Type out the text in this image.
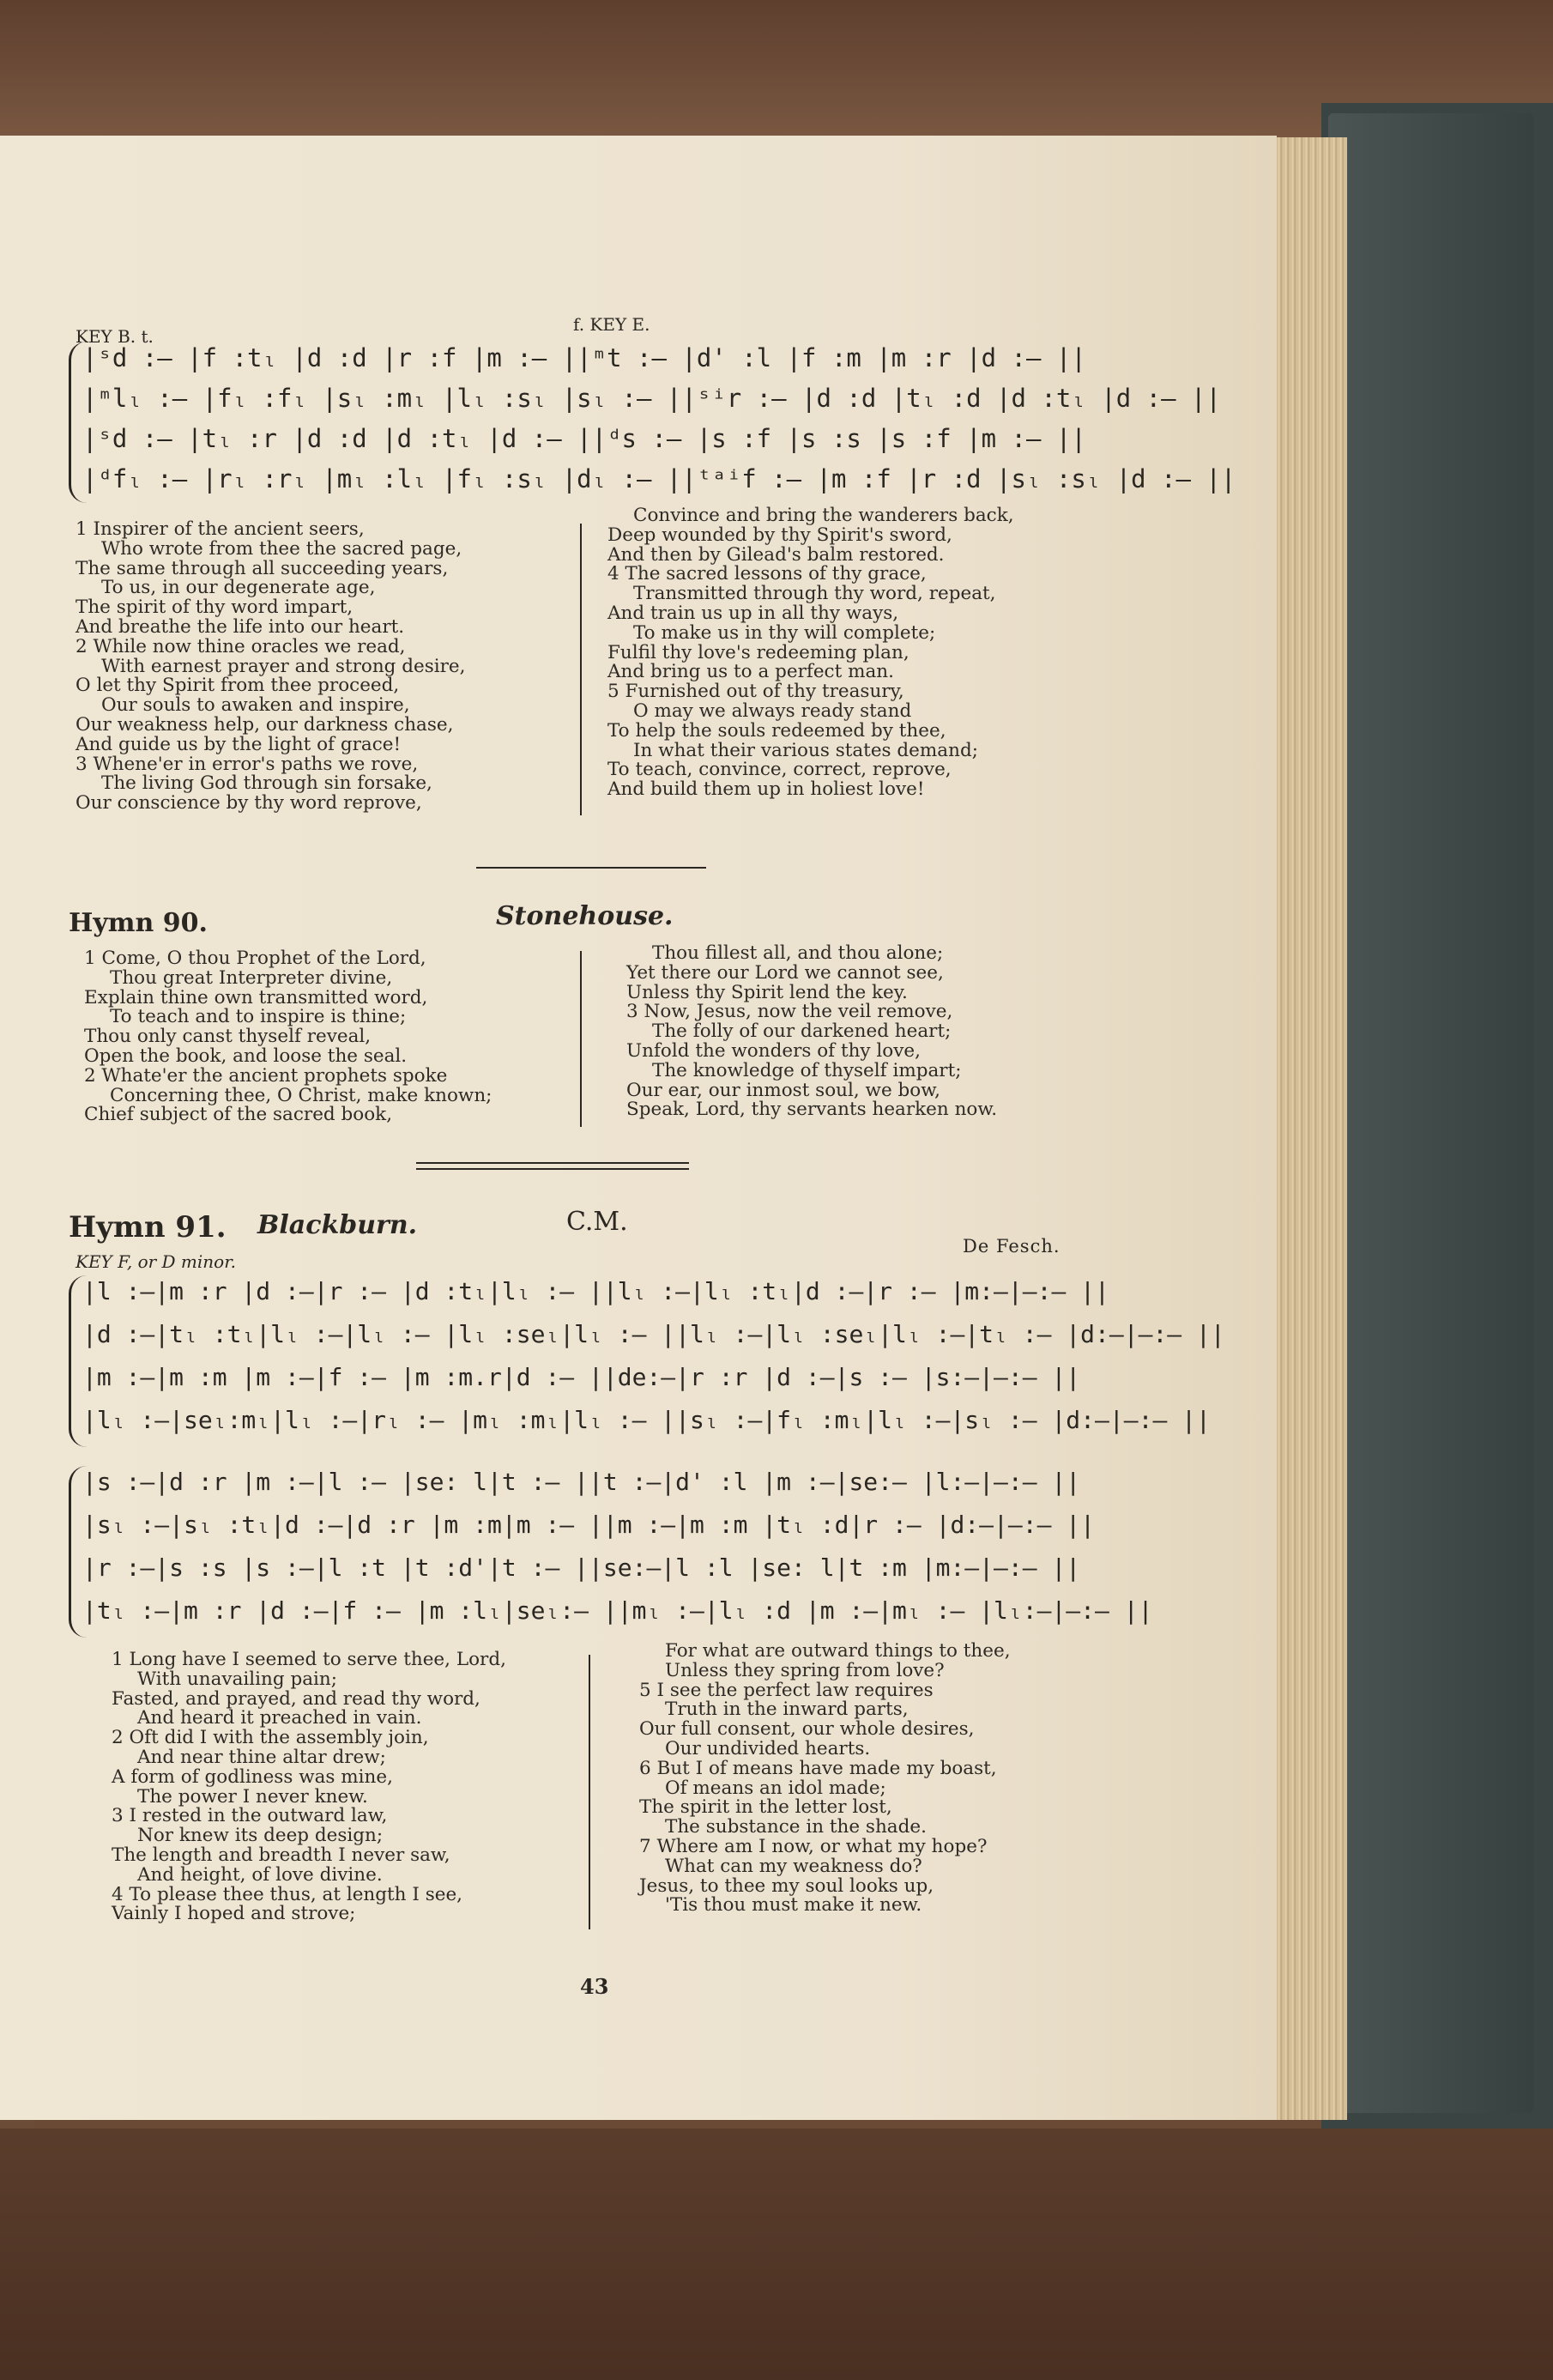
KEY B. t.
f. KEY E.
|ˢd :— |f :tₗ |d :d |r :f |m :— ||ᵐt :— |d' :l |f :m |m :r |d :— ||
|ᵐlₗ :— |fₗ :fₗ |sₗ :mₗ |lₗ :sₗ |sₗ :— ||ˢⁱr :— |d :d |tₗ :d |d :tₗ |d :— ||
|ˢd :— |tₗ :r |d :d |d :tₗ |d :— ||ᵈs :— |s :f |s :s |s :f |m :— ||
|ᵈfₗ :— |rₗ :rₗ |mₗ :lₗ |fₗ :sₗ |dₗ :— ||ᵗᵃⁱf :— |m :f |r :d |sₗ :sₗ |d :— ||
1 Inspirer of the ancient seers,
Who wrote from thee the sacred page,
The same through all succeeding years,
To us, in our degenerate age,
The spirit of thy word impart,
And breathe the life into our heart.
2 While now thine oracles we read,
With earnest prayer and strong desire,
O let thy Spirit from thee proceed,
Our souls to awaken and inspire,
Our weakness help, our darkness chase,
And guide us by the light of grace!
3 Whene'er in error's paths we rove,
The living God through sin forsake,
Our conscience by thy word reprove,
Convince and bring the wanderers back,
Deep wounded by thy Spirit's sword,
And then by Gilead's balm restored.
4 The sacred lessons of thy grace,
Transmitted through thy word, repeat,
And train us up in all thy ways,
To make us in thy will complete;
Fulfil thy love's redeeming plan,
And bring us to a perfect man.
5 Furnished out of thy treasury,
O may we always ready stand
To help the souls redeemed by thee,
In what their various states demand;
To teach, convince, correct, reprove,
And build them up in holiest love!
Hymn 90.	Stonehouse.
1 Come, O thou Prophet of the Lord,
Thou great Interpreter divine,
Explain thine own transmitted word,
To teach and to inspire is thine;
Thou only canst thyself reveal,
Open the book, and loose the seal.
2 Whate'er the ancient prophets spoke
Concerning thee, O Christ, make known;
Chief subject of the sacred book,
Thou fillest all, and thou alone;
Yet there our Lord we cannot see,
Unless thy Spirit lend the key.
3 Now, Jesus, now the veil remove,
The folly of our darkened heart;
Unfold the wonders of thy love,
The knowledge of thyself impart;
Our ear, our inmost soul, we bow,
Speak, Lord, thy servants hearken now.
Hymn 91. Blackburn.	C.M.
De Fesch.
KEY F, or D minor.
|l :—|m :r |d :—|r :— |d :tₗ|lₗ :— ||lₗ :—|lₗ :tₗ|d :—|r :— |m:—|—:— ||
|d :—|tₗ :tₗ|lₗ :—|lₗ :— |lₗ :seₗ|lₗ :— ||lₗ :—|lₗ :seₗ|lₗ :—|tₗ :— |d:—|—:— ||
|m :—|m :m |m :—|f :— |m :m.r|d :— ||de:—|r :r |d :—|s :— |s:—|—:— ||
|lₗ :—|seₗ:mₗ|lₗ :—|rₗ :— |mₗ :mₗ|lₗ :— ||sₗ :—|fₗ :mₗ|lₗ :—|sₗ :— |d:—|—:— ||
|s :—|d :r |m :—|l :— |se: l|t :— ||t :—|d' :l |m :—|se:— |l:—|—:— ||
|sₗ :—|sₗ :tₗ|d :—|d :r |m :m|m :— ||m :—|m :m |tₗ :d|r :— |d:—|—:— ||
|r :—|s :s |s :—|l :t |t :d'|t :— ||se:—|l :l |se: l|t :m |m:—|—:— ||
|tₗ :—|m :r |d :—|f :— |m :lₗ|seₗ:— ||mₗ :—|lₗ :d |m :—|mₗ :— |lₗ:—|—:— ||
1 Long have I seemed to serve thee, Lord,
With unavailing pain;
Fasted, and prayed, and read thy word,
And heard it preached in vain.
2 Oft did I with the assembly join,
And near thine altar drew;
A form of godliness was mine,
The power I never knew.
3 I rested in the outward law,
Nor knew its deep design;
The length and breadth I never saw,
And height, of love divine.
4 To please thee thus, at length I see,
Vainly I hoped and strove;
For what are outward things to thee,
Unless they spring from love?
5 I see the perfect law requires
Truth in the inward parts,
Our full consent, our whole desires,
Our undivided hearts.
6 But I of means have made my boast,
Of means an idol made;
The spirit in the letter lost,
The substance in the shade.
7 Where am I now, or what my hope?
What can my weakness do?
Jesus, to thee my soul looks up,
'Tis thou must make it new.
43
